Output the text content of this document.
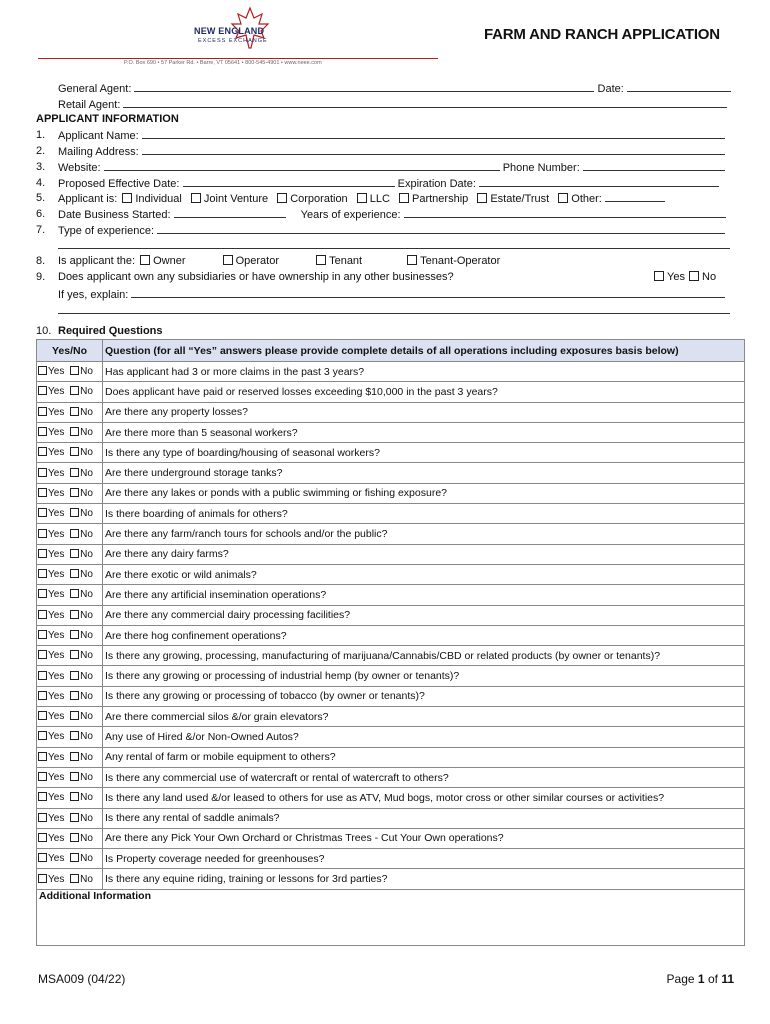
NEW ENGLAND
EXCESS EXCHANGE
P.O. Box 690 • 57 Parker Rd. • Barre, VT 05641 • 800-545-4901 • www.neee.com
FARM AND RANCH APPLICATION
General Agent:	Date:
Retail Agent:
APPLICANT INFORMATION
1. Applicant Name:
2. Mailing Address:
3. Website:	Phone Number:
4. Proposed Effective Date:	Expiration Date:
5. Applicant is: Individual Joint Venture Corporation LLC Partnership Estate/Trust Other:
6. Date Business Started:	Years of experience:
7. Type of experience:
8. Is applicant the: Owner	Operator	Tenant	Tenant-Operator
9. Does applicant own any subsidiaries or have ownership in any other businesses?	Yes No
If yes, explain:
10. Required Questions
Yes/No	Question (for all “Yes” answers please provide complete details of all operations including exposures basis below)
Yes No	Has applicant had 3 or more claims in the past 3 years?
Yes No	Does applicant have paid or reserved losses exceeding $10,000 in the past 3 years?
Yes No	Are there any property losses?
Yes No	Are there more than 5 seasonal workers?
Yes No	Is there any type of boarding/housing of seasonal workers?
Yes No	Are there underground storage tanks?
Yes No	Are there any lakes or ponds with a public swimming or fishing exposure?
Yes No	Is there boarding of animals for others?
Yes No	Are there any farm/ranch tours for schools and/or the public?
Yes No	Are there any dairy farms?
Yes No	Are there exotic or wild animals?
Yes No	Are there any artificial insemination operations?
Yes No	Are there any commercial dairy processing facilities?
Yes No	Are there hog confinement operations?
Yes No	Is there any growing, processing, manufacturing of marijuana/Cannabis/CBD or related products (by owner or tenants)?
Yes No	Is there any growing or processing of industrial hemp (by owner or tenants)?
Yes No	Is there any growing or processing of tobacco (by owner or tenants)?
Yes No	Are there commercial silos &/or grain elevators?
Yes No	Any use of Hired &/or Non-Owned Autos?
Yes No	Any rental of farm or mobile equipment to others?
Yes No	Is there any commercial use of watercraft or rental of watercraft to others?
Yes No	Is there any land used &/or leased to others for use as ATV, Mud bogs, motor cross or other similar courses or activities?
Yes No	Is there any rental of saddle animals?
Yes No	Are there any Pick Your Own Orchard or Christmas Trees - Cut Your Own operations?
Yes No	Is Property coverage needed for greenhouses?
Yes No	Is there any equine riding, training or lessons for 3rd parties?
Additional Information	
MSA009 (04/22)	Page 1 of 11
